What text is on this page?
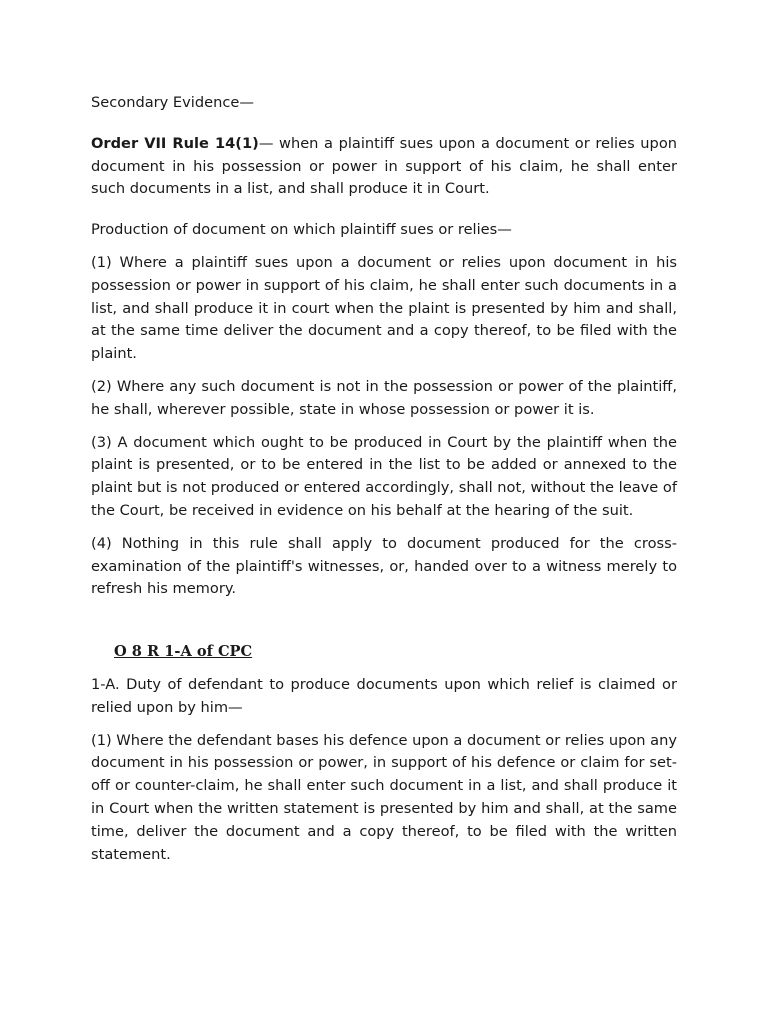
Secondary Evidence—

Order VII Rule 14(1)— when a plaintiff sues upon a document or relies upon document in his possession or power in support of his claim, he shall enter such documents in a list, and shall produce it in Court.

Production of document on which plaintiff sues or relies—

(1) Where a plaintiff sues upon a document or relies upon document in his possession or power in support of his claim, he shall enter such documents in a list, and shall produce it in court when the plaint is presented by him and shall, at the same time deliver the document and a copy thereof, to be filed with the plaint.

(2) Where any such document is not in the possession or power of the plaintiff, he shall, wherever possible, state in whose possession or power it is.

(3) A document which ought to be produced in Court by the plaintiff when the plaint is presented, or to be entered in the list to be added or annexed to the plaint but is not produced or entered accordingly, shall not, without the leave of the Court, be received in evidence on his behalf at the hearing of the suit.

(4) Nothing in this rule shall apply to document produced for the cross-examination of the plaintiff's witnesses, or, handed over to a witness merely to refresh his memory.

O 8 R 1-A of CPC

1-A. Duty of defendant to produce documents upon which relief is claimed or relied upon by him—

(1) Where the defendant bases his defence upon a document or relies upon any document in his possession or power, in support of his defence or claim for set-off or counter-claim, he shall enter such document in a list, and shall produce it in Court when the written statement is presented by him and shall, at the same time, deliver the document and a copy thereof, to be filed with the written statement.
